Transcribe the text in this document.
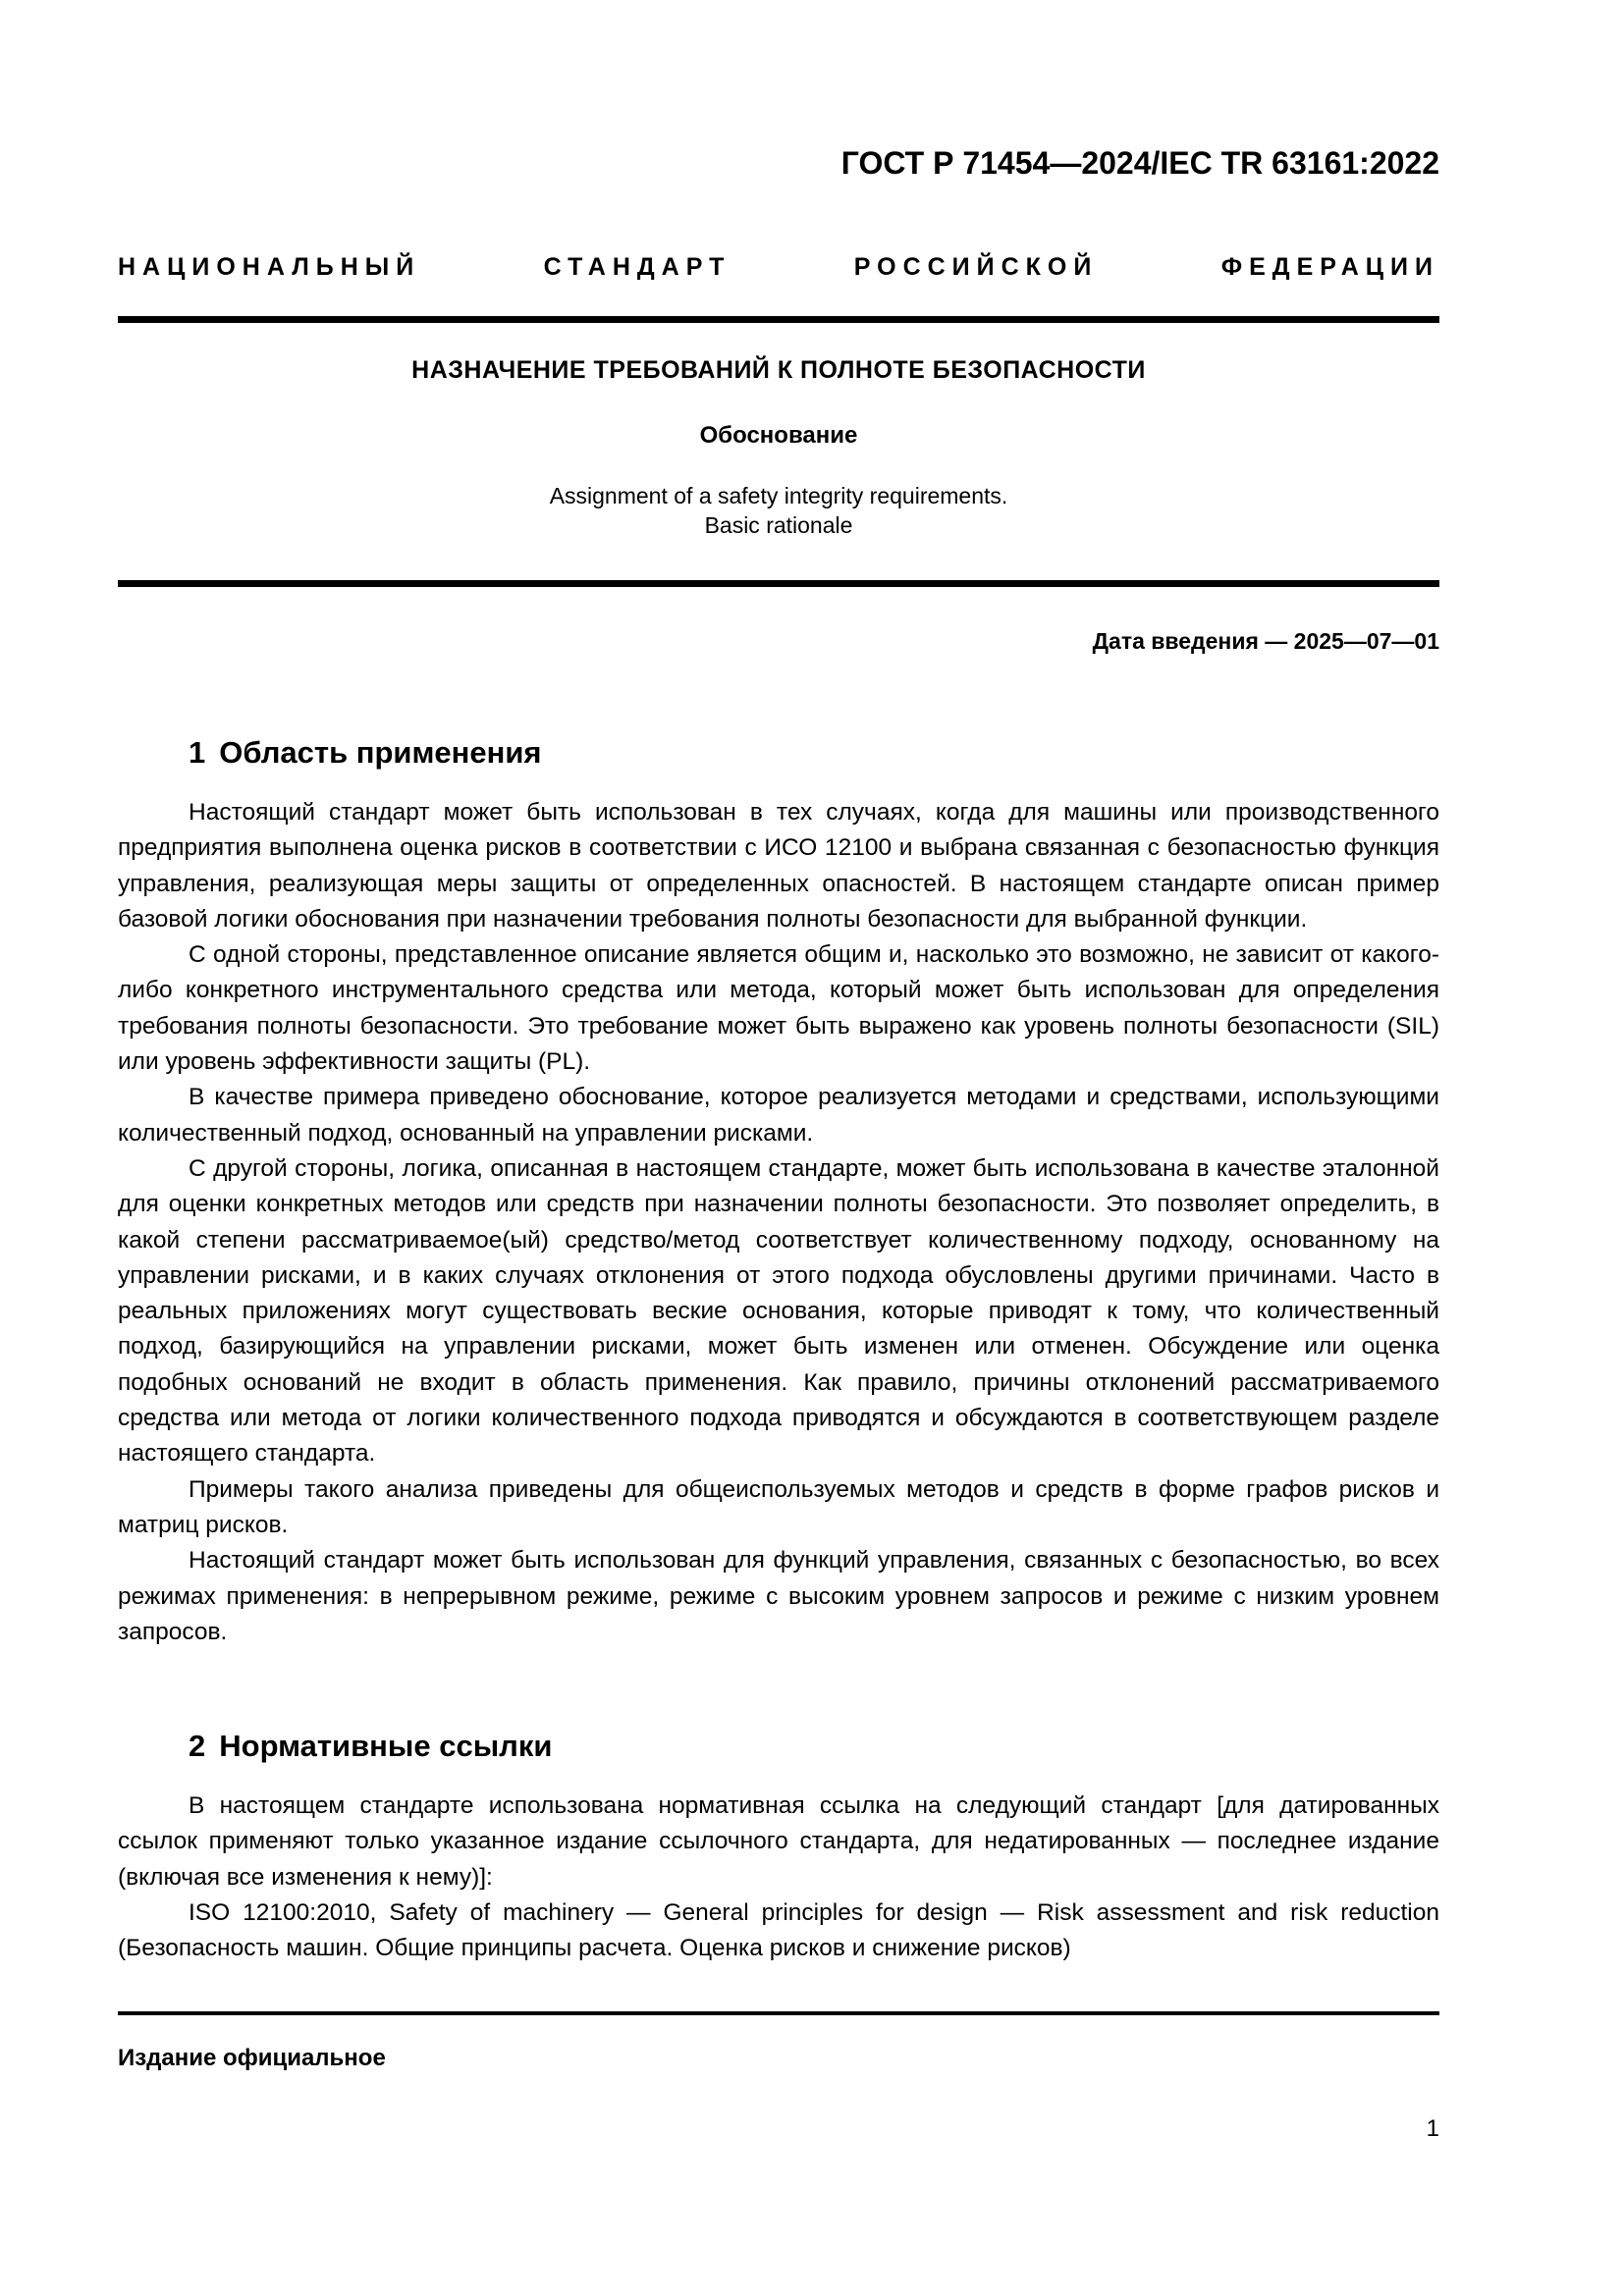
ГОСТ Р 71454—2024/IEC TR 63161:2022
НАЦИОНАЛЬНЫЙ СТАНДАРТ РОССИЙСКОЙ ФЕДЕРАЦИИ
НАЗНАЧЕНИЕ ТРЕБОВАНИЙ К ПОЛНОТЕ БЕЗОПАСНОСТИ
Обоснование
Assignment of a safety integrity requirements.
Basic rationale
Дата введения — 2025—07—01
1 Область применения

Настоящий стандарт может быть использован в тех случаях, когда для машины или производственного предприятия выполнена оценка рисков в соответствии с ИСО 12100 и выбрана связанная с безопасностью функция управления, реализующая меры защиты от определенных опасностей. В настоящем стандарте описан пример базовой логики обоснования при назначении требования полноты безопасности для выбранной функции.

С одной стороны, представленное описание является общим и, насколько это возможно, не зависит от какого-либо конкретного инструментального средства или метода, который может быть использован для определения требования полноты безопасности. Это требование может быть выражено как уровень полноты безопасности (SIL) или уровень эффективности защиты (PL).

В качестве примера приведено обоснование, которое реализуется методами и средствами, использующими количественный подход, основанный на управлении рисками.

С другой стороны, логика, описанная в настоящем стандарте, может быть использована в качестве эталонной для оценки конкретных методов или средств при назначении полноты безопасности. Это позволяет определить, в какой степени рассматриваемое(ый) средство/метод соответствует количественному подходу, основанному на управлении рисками, и в каких случаях отклонения от этого подхода обусловлены другими причинами. Часто в реальных приложениях могут существовать веские основания, которые приводят к тому, что количественный подход, базирующийся на управлении рисками, может быть изменен или отменен. Обсуждение или оценка подобных оснований не входит в область применения. Как правило, причины отклонений рассматриваемого средства или метода от логики количественного подхода приводятся и обсуждаются в соответствующем разделе настоящего стандарта.

Примеры такого анализа приведены для общеиспользуемых методов и средств в форме графов рисков и матриц рисков.

Настоящий стандарт может быть использован для функций управления, связанных с безопасностью, во всех режимах применения: в непрерывном режиме, режиме с высоким уровнем запросов и режиме с низким уровнем запросов.

2 Нормативные ссылки

В настоящем стандарте использована нормативная ссылка на следующий стандарт [для датированных ссылок применяют только указанное издание ссылочного стандарта, для недатированных — последнее издание (включая все изменения к нему)]:

ISO 12100:2010, Safety of machinery — General principles for design — Risk assessment and risk reduction (Безопасность машин. Общие принципы расчета. Оценка рисков и снижение рисков)

Издание официальное
1
